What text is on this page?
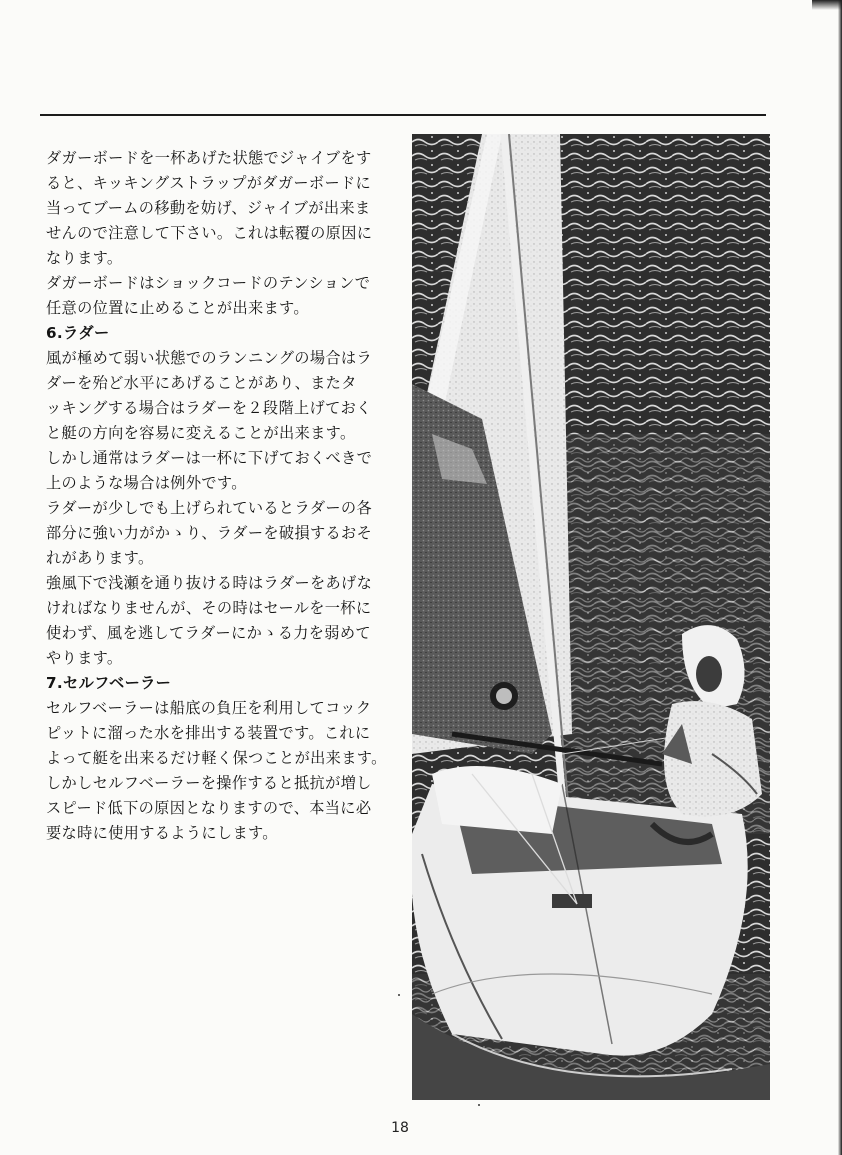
ダガーボードを一杯あげた状態でジャイブをす
ると、キッキングストラップがダガーボードに
当ってブームの移動を妨げ、ジャイブが出来ま
せんので注意して下さい。これは転覆の原因に
なります。
ダガーボードはショックコードのテンションで
任意の位置に止めることが出来ます。
6.ラダー
風が極めて弱い状態でのランニングの場合はラ
ダーを殆ど水平にあげることがあり、またタ
ッキングする場合はラダーを２段階上げておく
と艇の方向を容易に変えることが出来ます。
しかし通常はラダーは一杯に下げておくべきで
上のような場合は例外です。
ラダーが少しでも上げられているとラダーの各
部分に強い力がかゝり、ラダーを破損するおそ
れがあります。
強風下で浅瀬を通り抜ける時はラダーをあげな
ければなりませんが、その時はセールを一杯に
使わず、風を逃してラダーにかゝる力を弱めて
やります。
7.セルフベーラー
セルフベーラーは船底の負圧を利用してコック
ピットに溜った水を排出する装置です。これに
よって艇を出来るだけ軽く保つことが出来ます。
しかしセルフベーラーを操作すると抵抗が増し
スピード低下の原因となりますので、本当に必
要な時に使用するようにします。
18
